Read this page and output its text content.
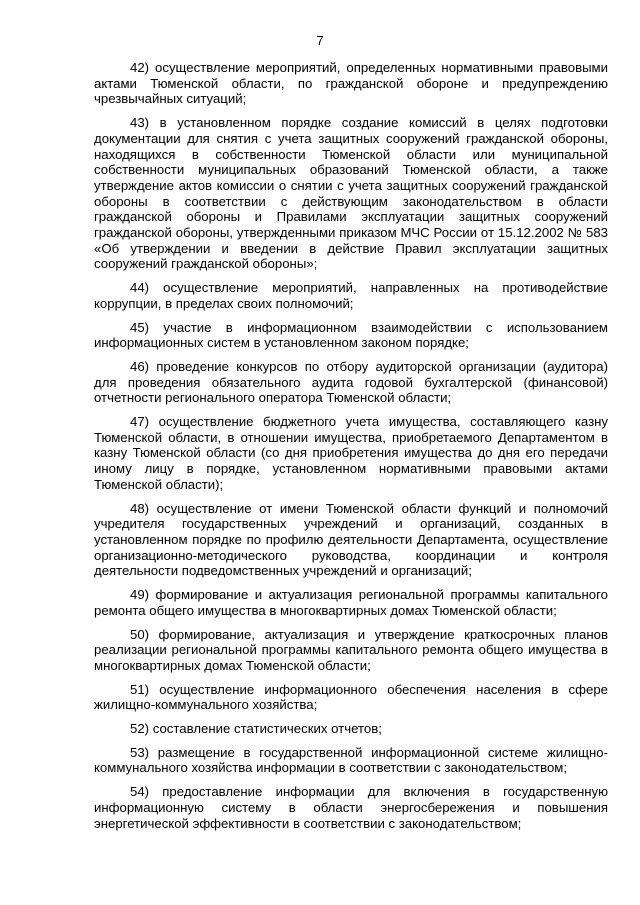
7

42) осуществление мероприятий, определенных нормативными правовыми актами Тюменской области, по гражданской обороне и предупреждению чрезвычайных ситуаций;

43) в установленном порядке создание комиссий в целях подготовки документации для снятия с учета защитных сооружений гражданской обороны, находящихся в собственности Тюменской области или муниципальной собственности муниципальных образований Тюменской области, а также утверждение актов комиссии о снятии с учета защитных сооружений гражданской обороны в соответствии с действующим законодательством в области гражданской обороны и Правилами эксплуатации защитных сооружений гражданской обороны, утвержденными приказом МЧС России от 15.12.2002 № 583 «Об утверждении и введении в действие Правил эксплуатации защитных сооружений гражданской обороны»;

44) осуществление мероприятий, направленных на противодействие коррупции, в пределах своих полномочий;

45) участие в информационном взаимодействии с использованием информационных систем в установленном законом порядке;

46) проведение конкурсов по отбору аудиторской организации (аудитора) для проведения обязательного аудита годовой бухгалтерской (финансовой) отчетности регионального оператора Тюменской области;

47) осуществление бюджетного учета имущества, составляющего казну Тюменской области, в отношении имущества, приобретаемого Департаментом в казну Тюменской области (со дня приобретения имущества до дня его передачи иному лицу в порядке, установленном нормативными правовыми актами Тюменской области);

48) осуществление от имени Тюменской области функций и полномочий учредителя государственных учреждений и организаций, созданных в установленном порядке по профилю деятельности Департамента, осуществление организационно-методического руководства, координации и контроля деятельности подведомственных учреждений и организаций;

49) формирование и актуализация региональной программы капитального ремонта общего имущества в многоквартирных домах Тюменской области;

50) формирование, актуализация и утверждение краткосрочных планов реализации региональной программы капитального ремонта общего имущества в многоквартирных домах Тюменской области;

51) осуществление информационного обеспечения населения в сфере жилищно-коммунального хозяйства;

52) составление статистических отчетов;

53) размещение в государственной информационной системе жилищно-коммунального хозяйства информации в соответствии с законодательством;

54) предоставление информации для включения в государственную информационную систему в области энергосбережения и повышения энергетической эффективности в соответствии с законодательством;
